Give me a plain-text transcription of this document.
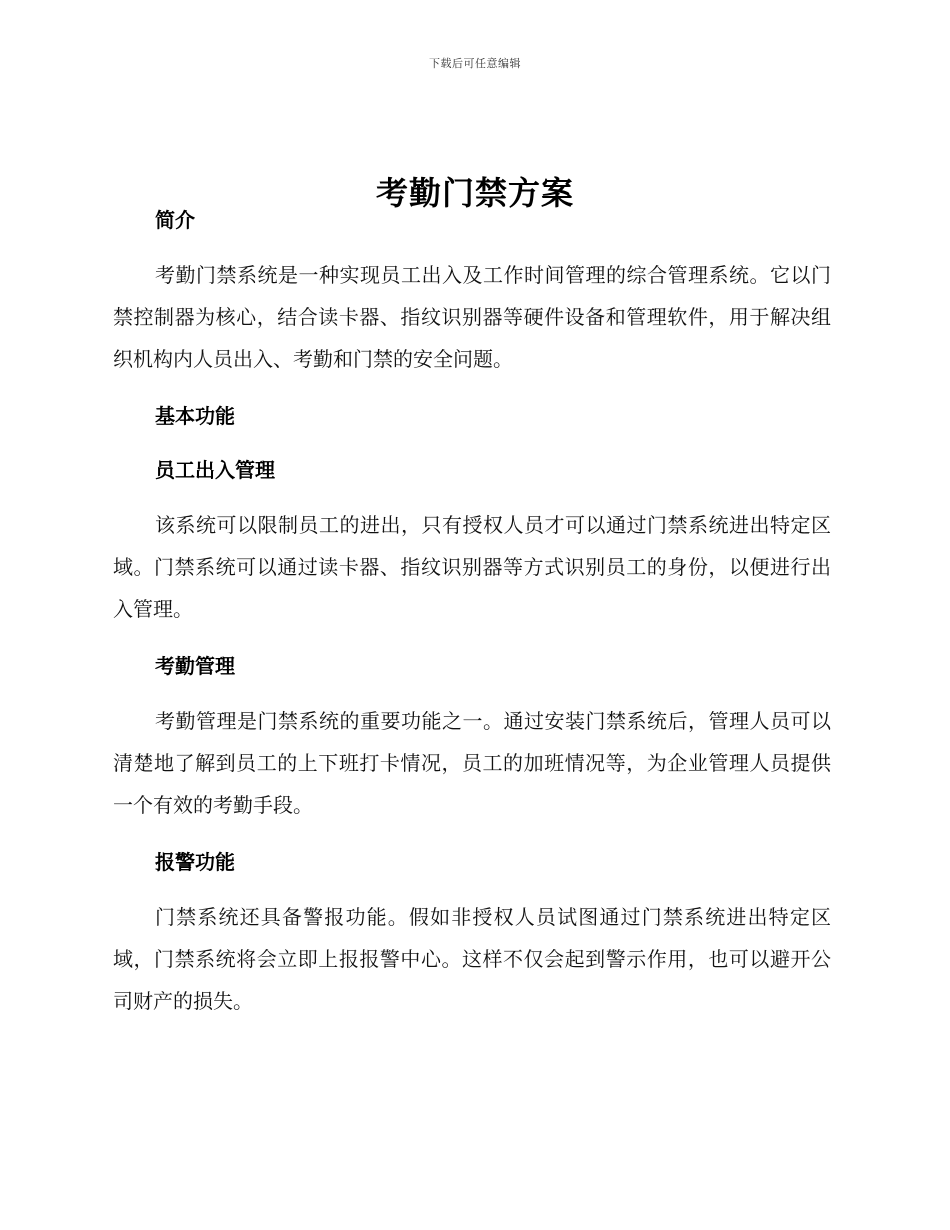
下载后可任意编辑
考勤门禁方案
简介

考勤门禁系统是一种实现员工出入及工作时间管理的综合管理系统。它以门禁控制器为核心，结合读卡器、指纹识别器等硬件设备和管理软件，用于解决组织机构内人员出入、考勤和门禁的安全问题。

基本功能
员工出入管理

该系统可以限制员工的进出，只有授权人员才可以通过门禁系统进出特定区域。门禁系统可以通过读卡器、指纹识别器等方式识别员工的身份，以便进行出入管理。

考勤管理

考勤管理是门禁系统的重要功能之一。通过安装门禁系统后，管理人员可以清楚地了解到员工的上下班打卡情况，员工的加班情况等，为企业管理人员提供一个有效的考勤手段。

报警功能

门禁系统还具备警报功能。假如非授权人员试图通过门禁系统进出特定区域，门禁系统将会立即上报报警中心。这样不仅会起到警示作用，也可以避开公司财产的损失。
